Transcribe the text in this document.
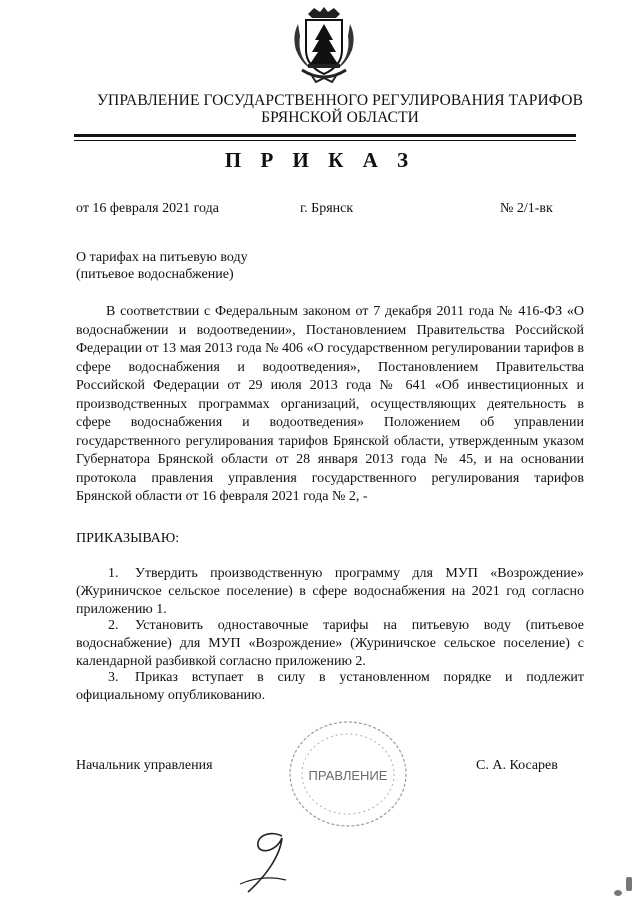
УПРАВЛЕНИЕ ГОСУДАРСТВЕННОГО РЕГУЛИРОВАНИЯ ТАРИФОВ
БРЯНСКОЙ ОБЛАСТИ
П Р И К А З
от 16 февраля 2021 года	г. Брянск	№ 2/1-вк
О тарифах на питьевую воду
(питьевое водоснабжение)

В соответствии с Федеральным законом от 7 декабря 2011 года № 416-ФЗ «О водоснабжении и водоотведении», Постановлением Правительства Российской Федерации от 13 мая 2013 года № 406 «О государственном регулировании тарифов в сфере водоснабжения и водоотведения», Постановлением Правительства Российской Федерации от 29 июля 2013 года № 641 «Об инвестиционных и производственных программах организаций, осуществляющих деятельность в сфере водоснабжения и водоотведения» Положением об управлении государственного регулирования тарифов Брянской области, утвержденным указом Губернатора Брянской области от 28 января 2013 года № 45, и на основании протокола правления управления государственного регулирования тарифов Брянской области от 16 февраля 2021 года № 2, -

ПРИКАЗЫВАЮ:

1. Утвердить производственную программу для МУП «Возрождение» (Журиничское сельское поселение) в сфере водоснабжения на 2021 год согласно приложению 1.

2. Установить одноставочные тарифы на питьевую воду (питьевое водоснабжение) для МУП «Возрождение» (Журиничское сельское поселение) с календарной разбивкой согласно приложению 2.

3. Приказ вступает в силу в установленном порядке и подлежит официальному опубликованию.

Начальник управления	С. А. Косарев
ПРАВЛЕНИЕ
